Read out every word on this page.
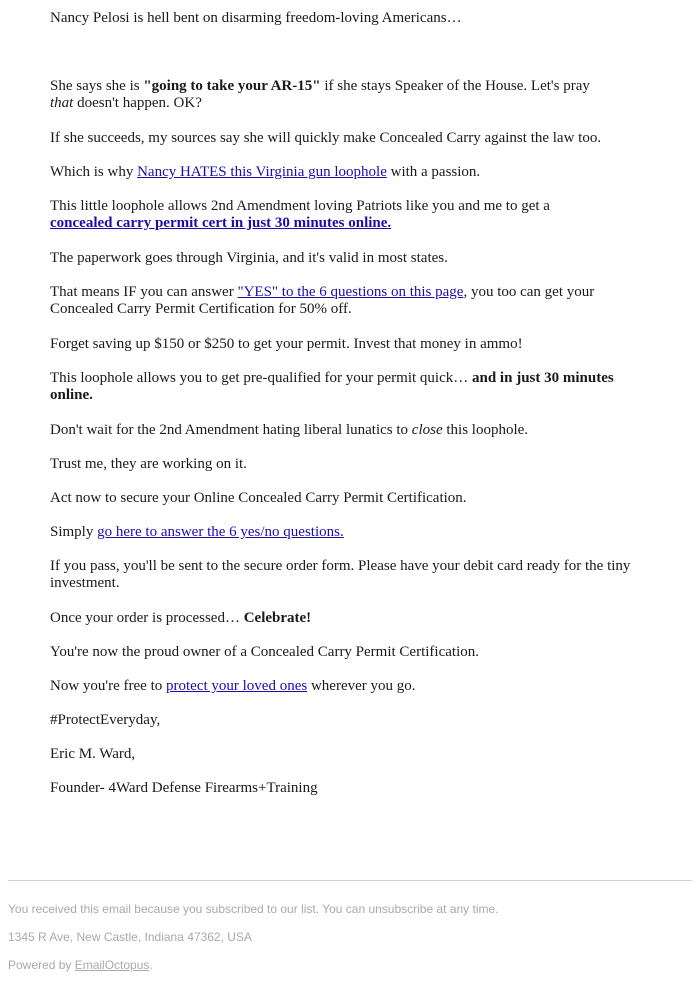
Nancy Pelosi is hell bent on disarming freedom-loving Americans…

She says she is "going to take your AR-15" if she stays Speaker of the House. Let's pray that doesn't happen. OK?

If she succeeds, my sources say she will quickly make Concealed Carry against the law too.

Which is why Nancy HATES this Virginia gun loophole with a passion.

This little loophole allows 2nd Amendment loving Patriots like you and me to get a concealed carry permit cert in just 30 minutes online.

The paperwork goes through Virginia, and it's valid in most states.

That means IF you can answer "YES" to the 6 questions on this page, you too can get your Concealed Carry Permit Certification for 50% off.

Forget saving up $150 or $250 to get your permit. Invest that money in ammo!

This loophole allows you to get pre-qualified for your permit quick… and in just 30 minutes online.

Don't wait for the 2nd Amendment hating liberal lunatics to close this loophole.

Trust me, they are working on it.

Act now to secure your Online Concealed Carry Permit Certification.

Simply go here to answer the 6 yes/no questions.

If you pass, you'll be sent to the secure order form. Please have your debit card ready for the tiny investment.

Once your order is processed… Celebrate!

You're now the proud owner of a Concealed Carry Permit Certification.

Now you're free to protect your loved ones wherever you go.

#ProtectEveryday,

Eric M. Ward,

Founder- 4Ward Defense Firearms+Training

You received this email because you subscribed to our list. You can unsubscribe at any time.
1345 R Ave, New Castle, Indiana 47362, USA
Powered by EmailOctopus.
